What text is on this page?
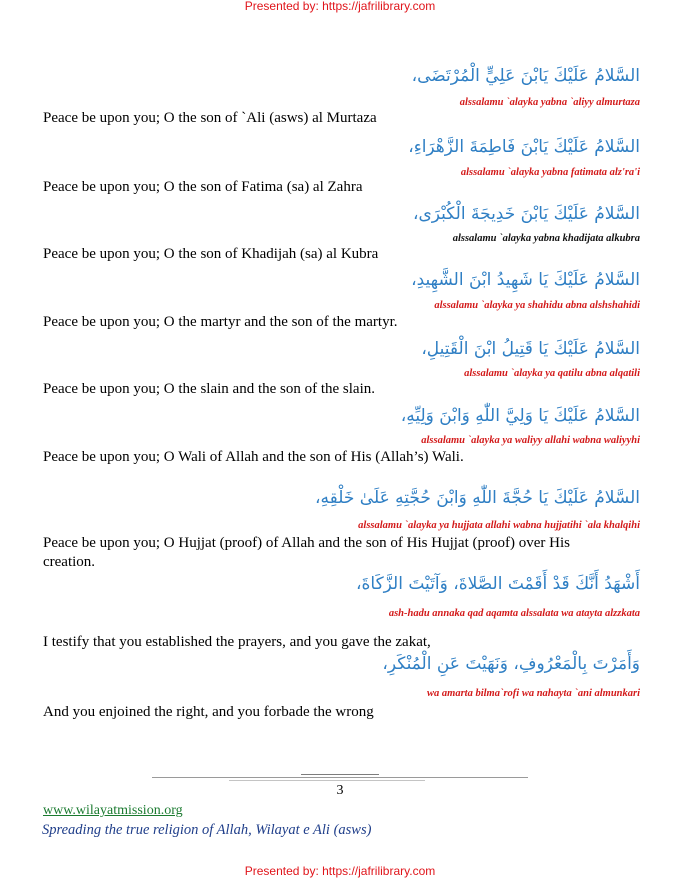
Presented by: https://jafrilibrary.com
السَّلامُ عَلَيْكَ يَابْنَ عَلِيٍّ الْمُرْتَضَى،
alssalamu `alayka yabna `aliyy almurtaza
Peace be upon you; O the son of `Ali (asws) al Murtaza
السَّلامُ عَلَيْكَ يَابْنَ فَاطِمَةَ الزَّهْرَاءِ،
alssalamu `alayka yabna fatimata alz'ra'i
Peace be upon you; O the son of Fatima (sa) al Zahra
السَّلامُ عَلَيْكَ يَابْنَ خَدِيجَةَ الْكُبْرَى،
alssalamu `alayka yabna khadijata alkubra
Peace be upon you; O the son of Khadijah (sa) al Kubra
السَّلامُ عَلَيْكَ يَا شَهِيدُ ابْنَ الشَّهِيدِ،
alssalamu `alayka ya shahidu abna alshshahidi
Peace be upon you; O the martyr and the son of the martyr.
السَّلامُ عَلَيْكَ يَا قَتِيلُ ابْنَ الْقَتِيلِ،
alssalamu `alayka ya qatilu abna alqatili
Peace be upon you; O the slain and the son of the slain.
السَّلامُ عَلَيْكَ يَا وَلِيَّ اللّٰهِ وَابْنَ وَلِيِّهِ،
alssalamu `alayka ya waliyy allahi wabna waliyyhi
Peace be upon you; O Wali of Allah and the son of His (Allah’s) Wali.
السَّلامُ عَلَيْكَ يَا حُجَّةَ اللّٰهِ وَابْنَ حُجَّتِهِ عَلَىٰ خَلْقِهِ،
alssalamu `alayka ya hujjata allahi wabna hujjatihi `ala khalqihi
Peace be upon you; O Hujjat (proof) of Allah and the son of His Hujjat (proof) over His creation.
أَشْهَدُ أَنَّكَ قَدْ أَقَمْتَ الصَّلاةَ، وَآتَيْتَ الزَّكَاةَ،
ash-hadu annaka qad aqamta alssalata wa atayta alzzkata
I testify that you established the prayers, and you gave the zakat,
وَأَمَرْتَ بِالْمَعْرُوفِ، وَنَهَيْتَ عَنِ الْمُنْكَرِ،
wa amarta bilma`rofi wa nahayta `ani almunkari
And you enjoined the right, and you forbade the wrong
3
www.wilayatmission.org
Spreading the true religion of Allah, Wilayat e Ali (asws)
Presented by: https://jafrilibrary.com
